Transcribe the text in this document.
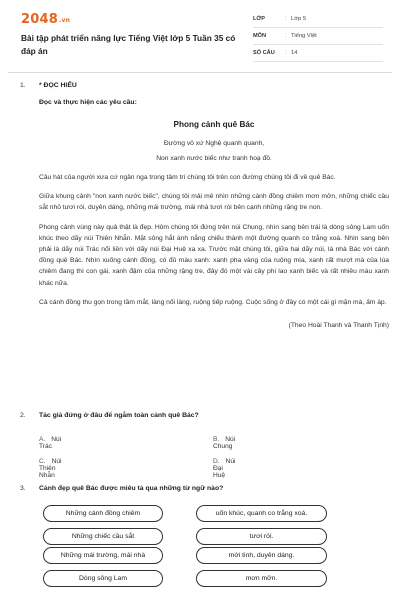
2048.vn
Bài tập phát triển năng lực Tiếng Việt lớp 5 Tuần 35 có đáp án
LỚP	: Lớp 5
MÔN	: Tiếng Việt
SỐ CÂU	: 14
1. * ĐỌC HIỂU
Đọc và thực hiện các yêu cầu:
Phong cảnh quê Bác
Đường vô xứ Nghệ quanh quanh,
Non xanh nước biếc như tranh hoạ đồ.

Câu hát của người xưa cứ ngân nga trong tâm trí chúng tôi trên con đường chúng tôi đi về quê Bác.

Giữa khung cảnh "non xanh nước biếc", chúng tôi mải mê nhìn những cánh đồng chiêm mơn mởn, những chiếc cầu sắt nhỏ tươi rói, duyên dáng, những mái trường, mái nhà tươi rói bên cạnh những rặng tre non.

Phong cảnh vùng này quả thật là đẹp. Hôm chúng tôi đứng trên núi Chung, nhìn sang bên trái là dòng sông Lam uốn khúc theo dãy núi Thiên Nhẫn. Mặt sông hắt ánh nắng chiếu thành một đường quanh co trắng xoá. Nhìn sang bên phải là dãy núi Trác nối liền với dãy núi Đại Huệ xa xa. Trước mặt chúng tôi, giữa hai dãy núi, là nhà Bác với cánh đồng quê Bác. Nhìn xuống cánh đồng, có đủ màu xanh: xanh pha vàng của ruộng mía, xanh rất mượt mà của lúa chiêm đang thì con gái, xanh đậm của những rặng tre, đây đó một vài cây phi lao xanh biếc và rất nhiều màu xanh khác nữa.

Cả cánh đồng thu gọn trong tầm mắt, làng nối làng, ruộng tiếp ruộng. Cuộc sống ở đây có một cái gì mặn mà, ấm áp.

(Theo Hoài Thanh và Thanh Tịnh)
2. Tác giả đứng ở đâu để ngắm toàn cảnh quê Bác?
A. Núi Trác
B. Núi Chung
C. Núi Thiên Nhẫn
D. Núi Đại Huệ
3. Cảnh đẹp quê Bác được miêu tả qua những từ ngữ nào?
Những cánh đồng chiêm
Những chiếc cầu sắt
Những mái trường, mái nhà
Dòng sông Lam
uốn khúc, quanh co trắng xoá.
tươi rói.
mới tinh, duyên dáng.
mơn mởn.
